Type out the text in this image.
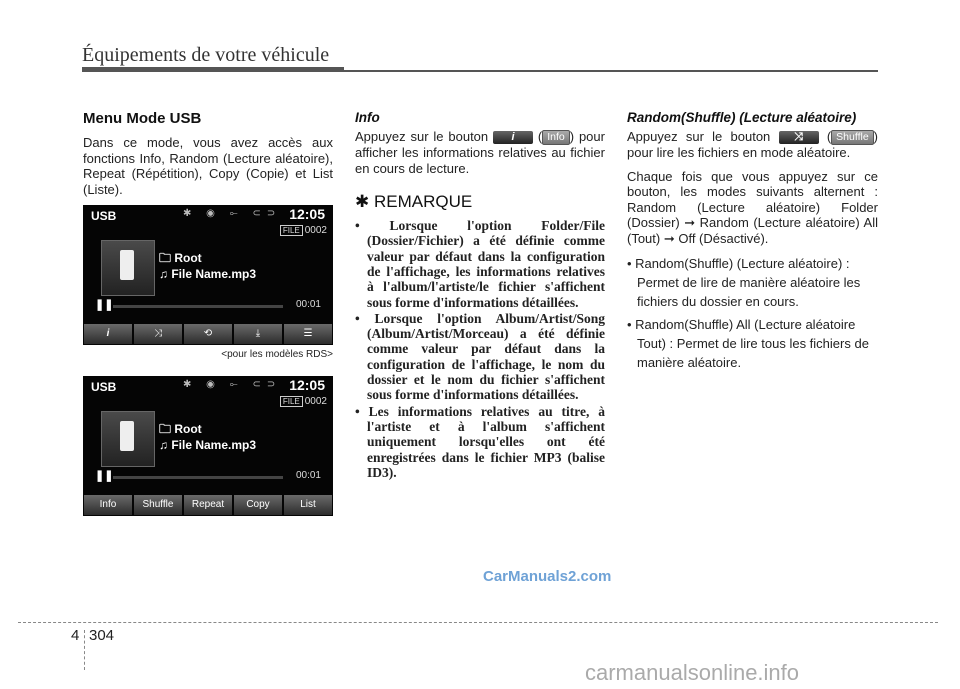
Équipements de votre véhicule
Menu Mode USB
Dans ce mode, vous avez accès aux fonctions Info, Random (Lecture aléatoire), Repeat (Répétition), Copy (Copie) et List (Liste).
USB	✱ ◉ ⟜ ⊂⊃ 12:05
FILE 0002
🗀 Root
♫ File Name.mp3
❚❚	00:01
i	⤨	⟲	⤓	☰
<pour les modèles RDS>
USB	✱ ◉ ⟜ ⊂⊃ 12:05
FILE 0002
🗀 Root
♫ File Name.mp3
❚❚	00:01
Info	Shuffle	Repeat	Copy	List
Info
Appuyez sur le bouton i ( Info ) pour afficher les informations relatives au fichier en cours de lecture.
✱ REMARQUE
• Lorsque l'option Folder/File (Dossier/Fichier) a été définie comme valeur par défaut dans la configuration de l'affichage, les informations relatives à l'album/l'artiste/le fichier s'affichent sous forme d'informations détaillées.
• Lorsque l'option Album/Artist/Song (Album/Artist/Morceau) a été définie comme valeur par défaut dans la configuration de l'affichage, le nom du dossier et le nom du fichier s'affichent sous forme d'informations détaillées.
• Les informations relatives au titre, à l'artiste et à l'album s'affichent uniquement lorsqu'elles ont été enregistrées dans le fichier MP3 (balise ID3).
Random(Shuffle) (Lecture aléatoire)
Appuyez sur le bouton ⤨ ( Shuffle ) pour lire les fichiers en mode aléatoire.
Chaque fois que vous appuyez sur ce bouton, les modes suivants alternent : Random (Lecture aléatoire) Folder (Dossier) ➞ Random (Lecture aléatoire) All (Tout) ➞ Off (Désactivé).
• Random(Shuffle) (Lecture aléatoire) : Permet de lire de manière aléatoire les fichiers du dossier en cours.
• Random(Shuffle) All (Lecture aléatoire Tout) : Permet de lire tous les fichiers de manière aléatoire.
CarManuals2.com
4 304
carmanualsonline.info
